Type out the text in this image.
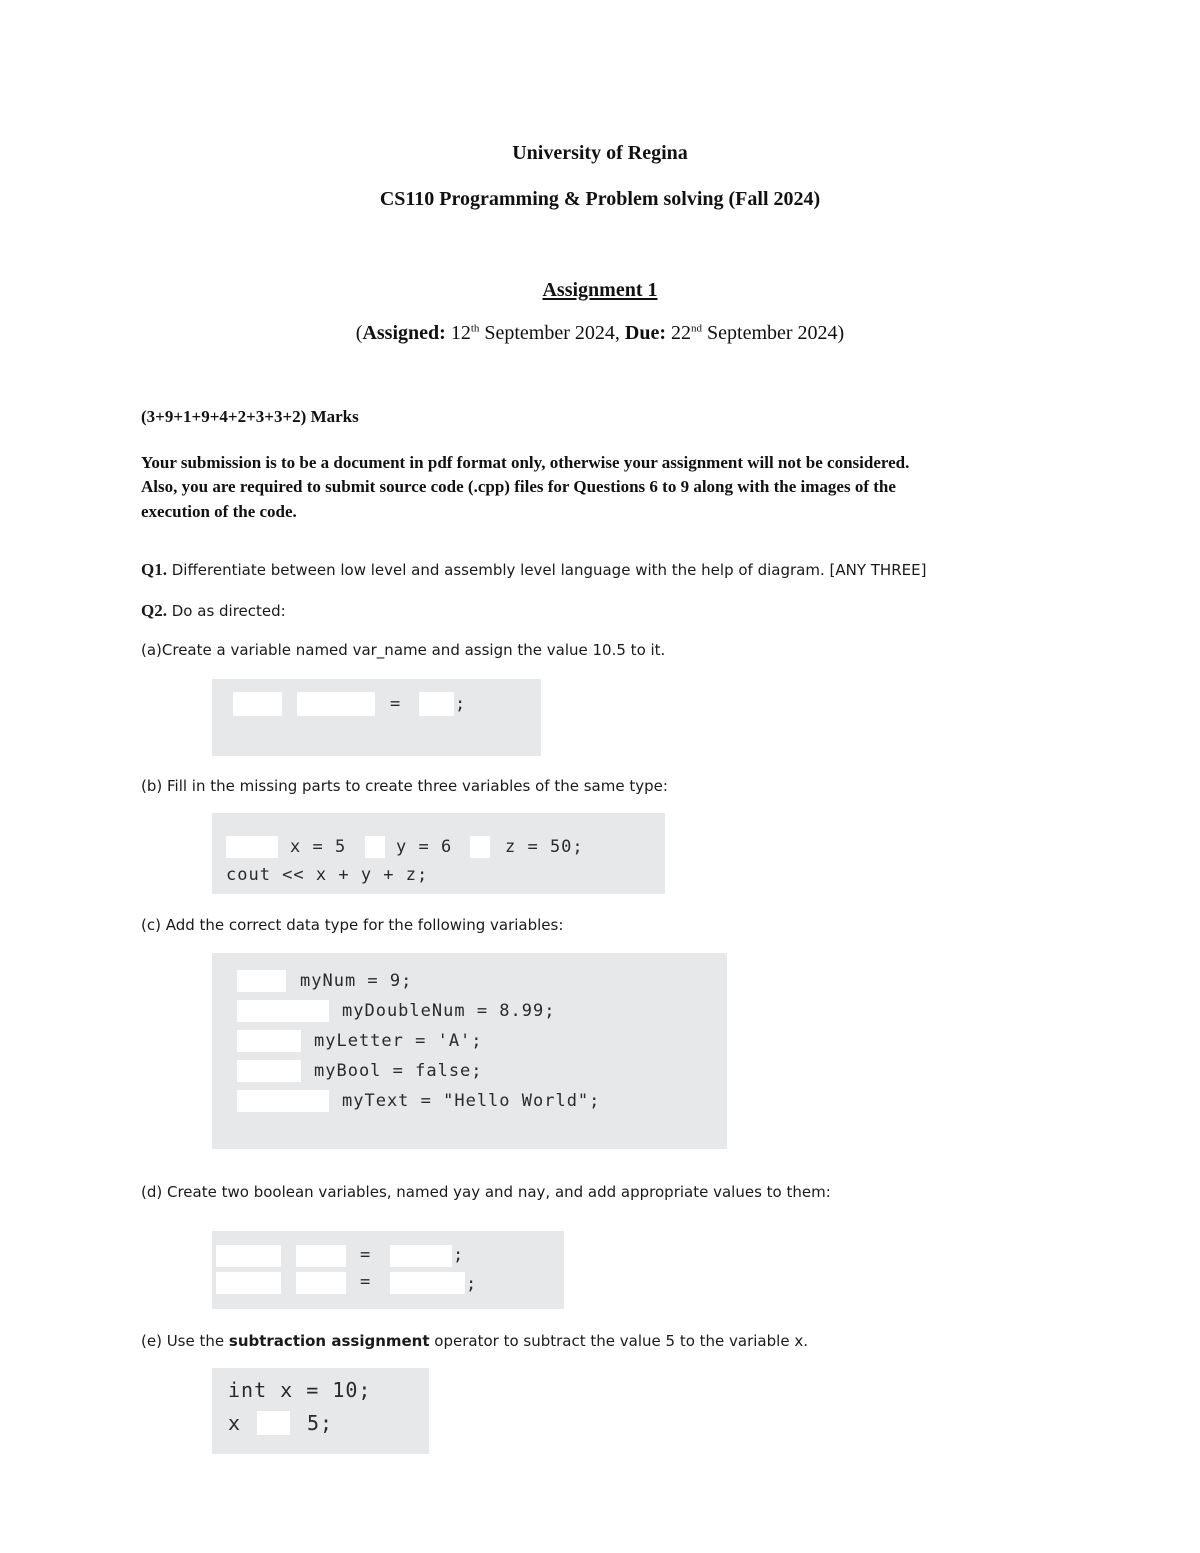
University of Regina
CS110 Programming & Problem solving (Fall 2024)
Assignment 1
(Assigned: 12th September 2024, Due: 22nd September 2024)
(3+9+1+9+4+2+3+3+2) Marks
Your submission is to be a document in pdf format only, otherwise your assignment will not be considered.
Also, you are required to submit source code (.cpp) files for Questions 6 to 9 along with the images of the
execution of the code.
Q1. Differentiate between low level and assembly level language with the help of diagram. [ANY THREE]
Q2. Do as directed:
(a)Create a variable named var_name and assign the value 10.5 to it.
=	;
(b) Fill in the missing parts to create three variables of the same type:
x = 5	y = 6	z = 50;
cout << x + y + z;
(c) Add the correct data type for the following variables:
myNum = 9;
myDoubleNum = 8.99;
myLetter = 'A';
myBool = false;
myText = "Hello World";
(d) Create two boolean variables, named yay and nay, and add appropriate values to them:
=	;
=	;
(e) Use the subtraction assignment operator to subtract the value 5 to the variable x.
int x = 10;
x	5;
